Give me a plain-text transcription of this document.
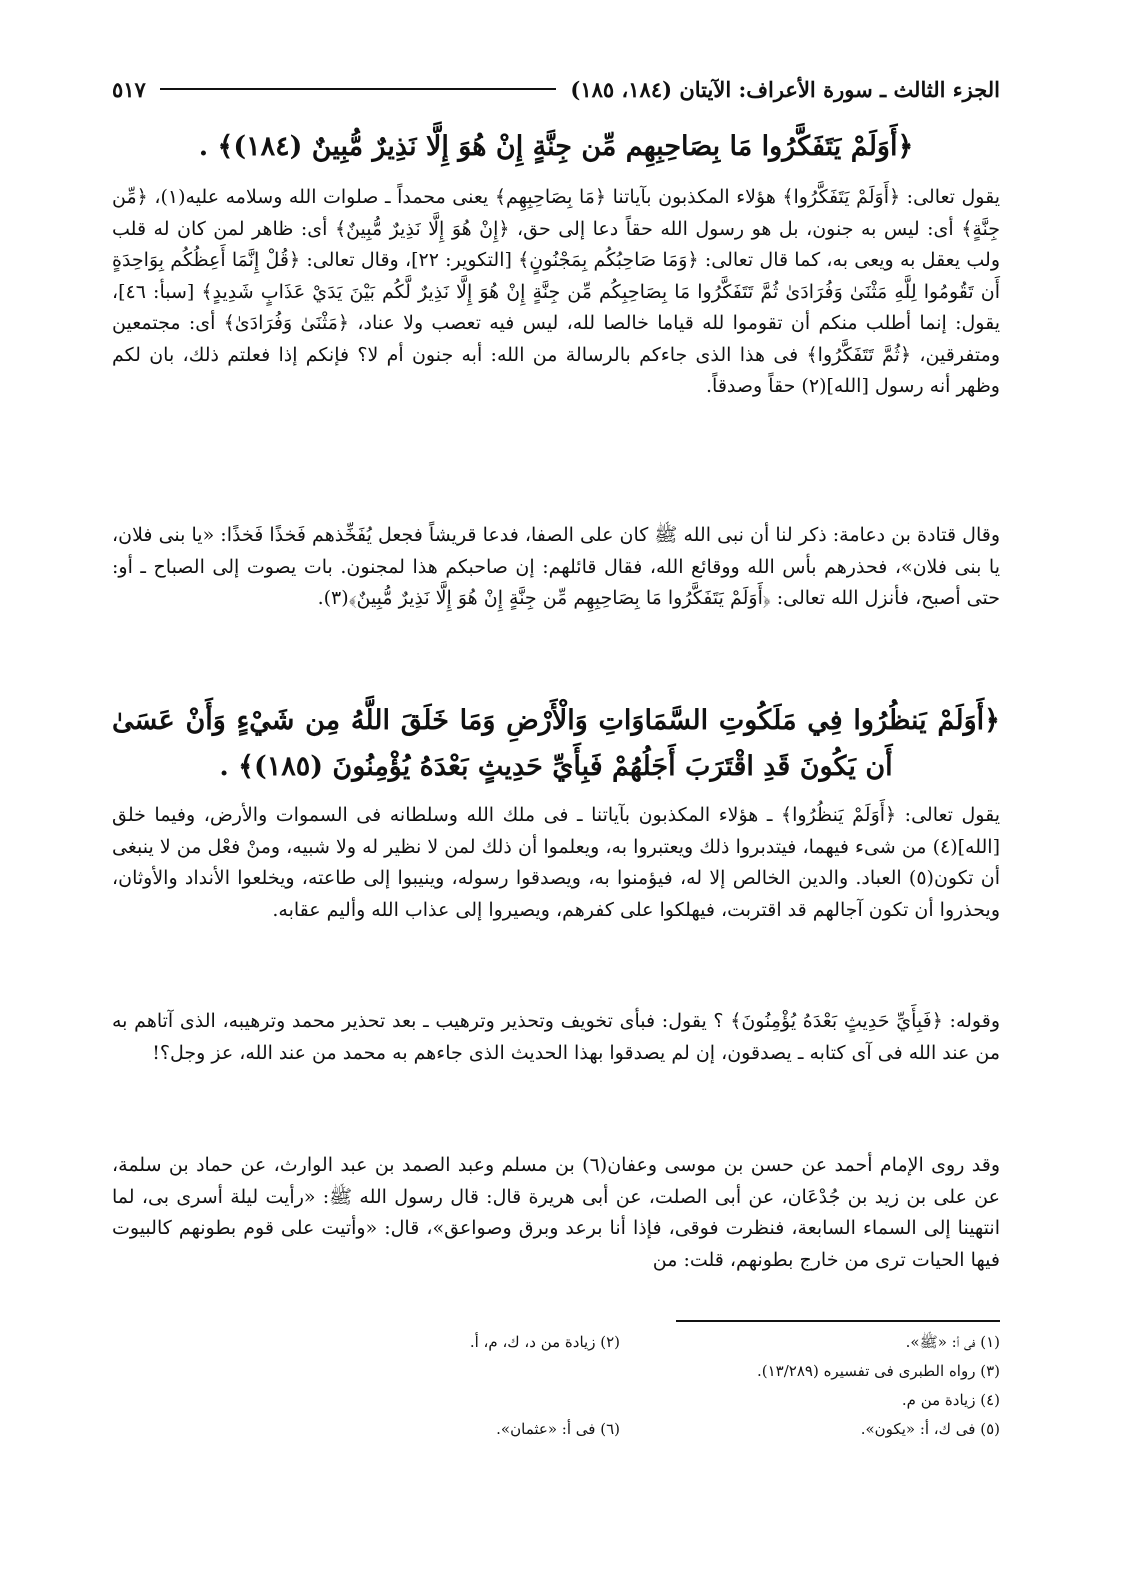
الجزء الثالث ـ سورة الأعراف: الآيتان (١٨٤، ١٨٥)
٥١٧
﴿أَوَلَمْ يَتَفَكَّرُوا مَا بِصَاحِبِهِم مِّن جِنَّةٍ إِنْ هُوَ إِلَّا نَذِيرٌ مُّبِينٌ (١٨٤)﴾ .

يقول تعالى: ﴿أَوَلَمْ يَتَفَكَّرُوا﴾ هؤلاء المكذبون بآياتنا ﴿مَا بِصَاحِبِهِم﴾ يعنى محمداً ـ صلوات الله وسلامه عليه(١)، ﴿مِّن جِنَّةٍ﴾ أى: ليس به جنون، بل هو رسول الله حقاً دعا إلى حق، ﴿إِنْ هُوَ إِلَّا نَذِيرٌ مُّبِينٌ﴾ أى: ظاهر لمن كان له قلب ولب يعقل به ويعى به، كما قال تعالى: ﴿وَمَا صَاحِبُكُم بِمَجْنُونٍ﴾ [التكوير: ٢٢]، وقال تعالى: ﴿قُلْ إِنَّمَا أَعِظُكُم بِوَاحِدَةٍ أَن تَقُومُوا لِلَّهِ مَثْنَىٰ وَفُرَادَىٰ ثُمَّ تَتَفَكَّرُوا مَا بِصَاحِبِكُم مِّن جِنَّةٍ إِنْ هُوَ إِلَّا نَذِيرٌ لَّكُم بَيْنَ يَدَيْ عَذَابٍ شَدِيدٍ﴾ [سبأ: ٤٦]، يقول: إنما أطلب منكم أن تقوموا لله قياما خالصا لله، ليس فيه تعصب ولا عناد، ﴿مَثْنَىٰ وَفُرَادَىٰ﴾ أى: مجتمعين ومتفرقين، ﴿ثُمَّ تَتَفَكَّرُوا﴾ فى هذا الذى جاءكم بالرسالة من الله: أبه جنون أم لا؟ فإنكم إذا فعلتم ذلك، بان لكم وظهر أنه رسول [الله](٢) حقاً وصدقاً.

وقال قتادة بن دعامة: ذكر لنا أن نبى الله ﷺ كان على الصفا، فدعا قريشاً فجعل يُفَخِّذهم فَخذًا فَخذًا: «يا بنى فلان، يا بنى فلان»، فحذرهم بأس الله ووقائع الله، فقال قائلهم: إن صاحبكم هذا لمجنون. بات يصوت إلى الصباح ـ أو: حتى أصبح، فأنزل الله تعالى: ﴿أَوَلَمْ يَتَفَكَّرُوا مَا بِصَاحِبِهِم مِّن جِنَّةٍ إِنْ هُوَ إِلَّا نَذِيرٌ مُّبِينٌ﴾(٣).

﴿أَوَلَمْ يَنظُرُوا فِي مَلَكُوتِ السَّمَاوَاتِ وَالْأَرْضِ وَمَا خَلَقَ اللَّهُ مِن شَيْءٍ وَأَنْ عَسَىٰ أَن يَكُونَ قَدِ اقْتَرَبَ أَجَلُهُمْ فَبِأَيِّ حَدِيثٍ بَعْدَهُ يُؤْمِنُونَ (١٨٥)﴾ .

يقول تعالى: ﴿أَوَلَمْ يَنظُرُوا﴾ ـ هؤلاء المكذبون بآياتنا ـ فى ملك الله وسلطانه فى السموات والأرض، وفيما خلق [الله](٤) من شىء فيهما، فيتدبروا ذلك ويعتبروا به، ويعلموا أن ذلك لمن لا نظير له ولا شبيه، ومنْ فعْل من لا ينبغى أن تكون(٥) العباد. والدين الخالص إلا له، فيؤمنوا به، ويصدقوا رسوله، وينيبوا إلى طاعته، ويخلعوا الأنداد والأوثان، ويحذروا أن تكون آجالهم قد اقتربت، فيهلكوا على كفرهم، ويصيروا إلى عذاب الله وأليم عقابه.

وقوله: ﴿فَبِأَيِّ حَدِيثٍ بَعْدَهُ يُؤْمِنُونَ﴾ ؟ يقول: فبأى تخويف وتحذير وترهيب ـ بعد تحذير محمد وترهيبه، الذى آتاهم به من عند الله فى آى كتابه ـ يصدقون، إن لم يصدقوا بهذا الحديث الذى جاءهم به محمد من عند الله، عز وجل؟!

وقد روى الإمام أحمد عن حسن بن موسى وعفان(٦) بن مسلم وعبد الصمد بن عبد الوارث، عن حماد بن سلمة، عن على بن زيد بن جُدْعَان، عن أبى الصلت، عن أبى هريرة قال: قال رسول الله ﷺ: «رأيت ليلة أسرى بى، لما انتهينا إلى السماء السابعة، فنظرت فوقى، فإذا أنا برعد وبرق وصواعق»، قال: «وأتيت على قوم بطونهم كالبيوت فيها الحيات ترى من خارج بطونهم، قلت: من

(١) فى أ: «ﷺ».
(٢) زيادة من د، ك، م، أ.
(٣) رواه الطبرى فى تفسيره (١٣/٢٨٩).
(٤) زيادة من م.
(٥) فى ك، أ: «يكون».
(٦) فى أ: «عثمان».
